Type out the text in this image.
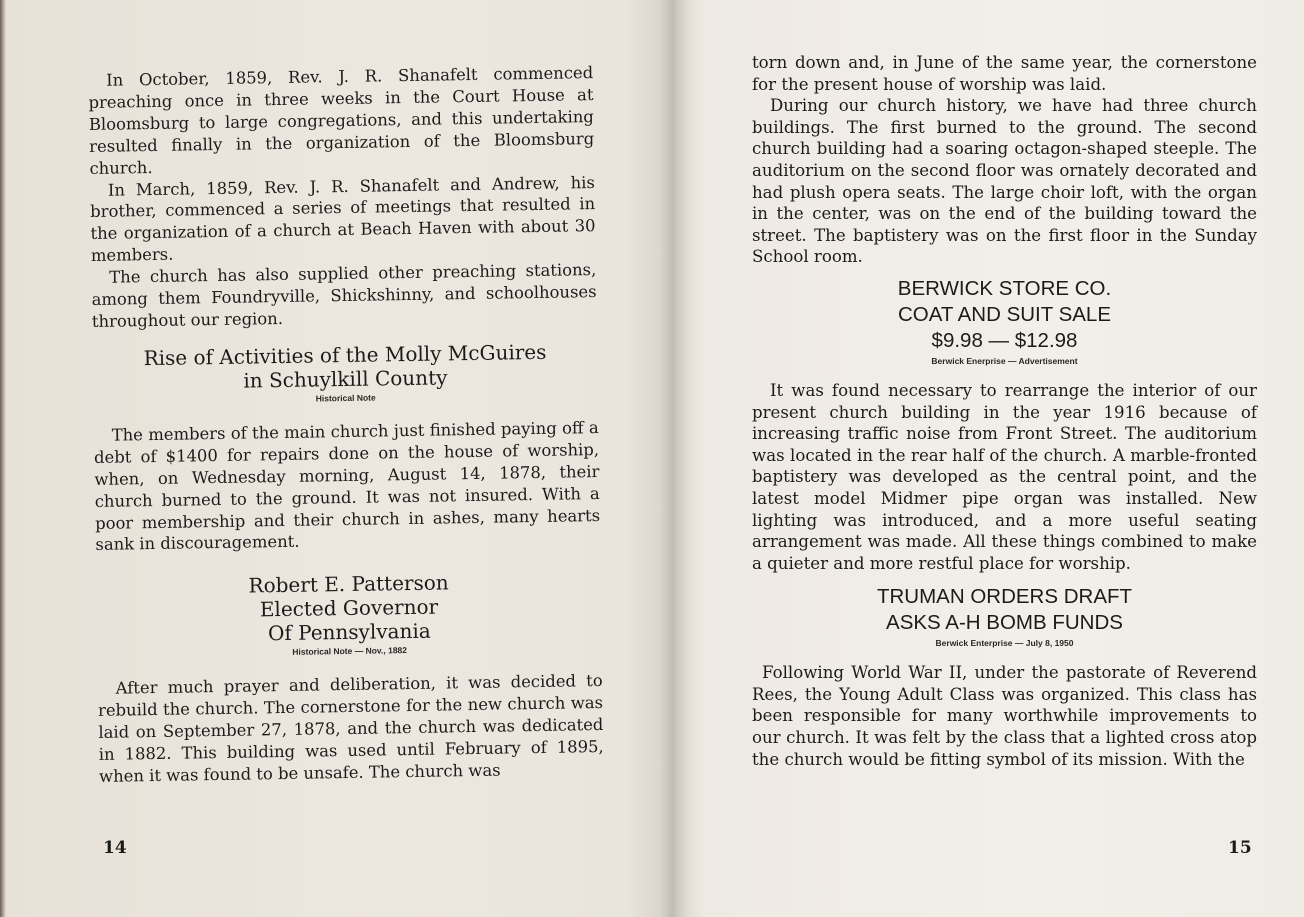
In October, 1859, Rev. J. R. Shanafelt commenced preaching once in three weeks in the Court House at Bloomsburg to large congregations, and this undertaking resulted finally in the organization of the Bloomsburg church.

In March, 1859, Rev. J. R. Shanafelt and Andrew, his brother, commenced a series of meetings that resulted in the organization of a church at Beach Haven with about 30 members.

The church has also supplied other preaching stations, among them Foundryville, Shickshinny, and schoolhouses throughout our region.

Rise of Activities of the Molly McGuires
in Schuylkill County
Historical Note

The members of the main church just finished paying off a debt of $1400 for repairs done on the house of worship, when, on Wednesday morning, August 14, 1878, their church burned to the ground. It was not insured. With a poor membership and their church in ashes, many hearts sank in discouragement.

Robert E. Patterson
Elected Governor
Of Pennsylvania
Historical Note — Nov., 1882

After much prayer and deliberation, it was decided to rebuild the church. The cornerstone for the new church was laid on September 27, 1878, and the church was dedicated in 1882. This building was used until February of 1895, when it was found to be unsafe. The church was

14

torn down and, in June of the same year, the cornerstone for the present house of worship was laid.

During our church history, we have had three church buildings. The first burned to the ground. The second church building had a soaring octagon-shaped steeple. The auditorium on the second floor was ornately decorated and had plush opera seats. The large choir loft, with the organ in the center, was on the end of the building toward the street. The baptistery was on the first floor in the Sunday School room.

BERWICK STORE CO.
COAT AND SUIT SALE
$9.98 — $12.98
Berwick Enerprise — Advertisement

It was found necessary to rearrange the interior of our present church building in the year 1916 because of increasing traffic noise from Front Street. The auditorium was located in the rear half of the church. A marble-fronted baptistery was developed as the central point, and the latest model Midmer pipe organ was installed. New lighting was introduced, and a more useful seating arrangement was made. All these things combined to make a quieter and more restful place for worship.

TRUMAN ORDERS DRAFT
ASKS A-H BOMB FUNDS
Berwick Enterprise — July 8, 1950

Following World War II, under the pastorate of Reverend Rees, the Young Adult Class was organized. This class has been responsible for many worthwhile improvements to our church. It was felt by the class that a lighted cross atop the church would be fitting symbol of its mission. With the

15
